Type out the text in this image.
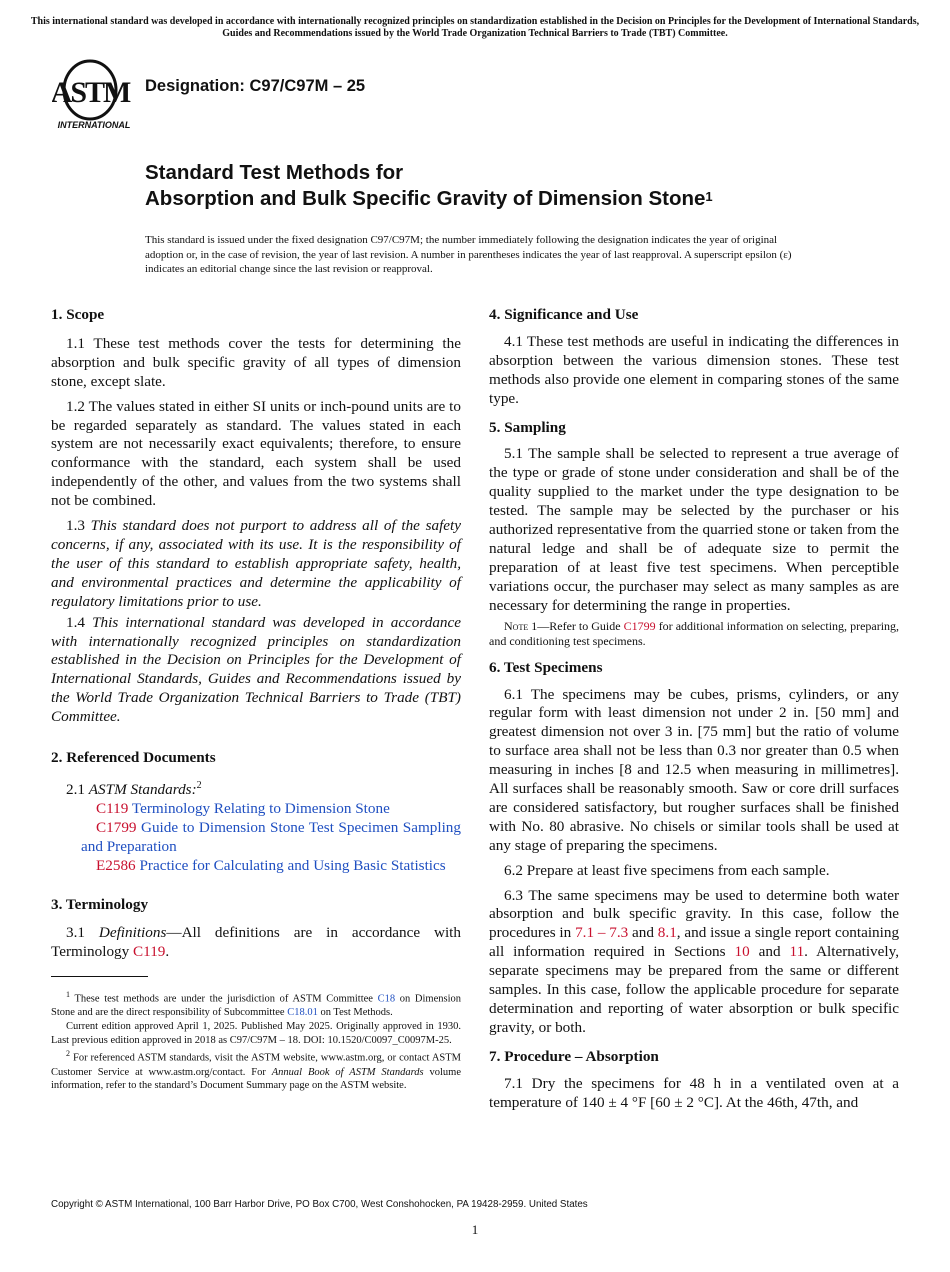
This international standard was developed in accordance with internationally recognized principles on standardization established in the Decision on Principles for the Development of International Standards, Guides and Recommendations issued by the World Trade Organization Technical Barriers to Trade (TBT) Committee.
ASTM
INTERNATIONAL
Designation: C97/C97M – 25
Standard Test Methods for
Absorption and Bulk Specific Gravity of Dimension Stone$^1$
This standard is issued under the fixed designation C97/C97M; the number immediately following the designation indicates the year of original adoption or, in the case of revision, the year of last revision. A number in parentheses indicates the year of last reapproval. A superscript epsilon (ε) indicates an editorial change since the last revision or reapproval.
1. Scope

1.1 These test methods cover the tests for determining the absorption and bulk specific gravity of all types of dimension stone, except slate.

1.2 The values stated in either SI units or inch-pound units are to be regarded separately as standard. The values stated in each system are not necessarily exact equivalents; therefore, to ensure conformance with the standard, each system shall be used independently of the other, and values from the two systems shall not be combined.

1.3 This standard does not purport to address all of the safety concerns, if any, associated with its use. It is the responsibility of the user of this standard to establish appropriate safety, health, and environmental practices and determine the applicability of regulatory limitations prior to use.

1.4 This international standard was developed in accordance with internationally recognized principles on standardization established in the Decision on Principles for the Development of International Standards, Guides and Recommendations issued by the World Trade Organization Technical Barriers to Trade (TBT) Committee.

2. Referenced Documents

2.1 ASTM Standards:$^2$

C119 Terminology Relating to Dimension Stone

C1799 Guide to Dimension Stone Test Specimen Sampling and Preparation

E2586 Practice for Calculating and Using Basic Statistics

3. Terminology

3.1 Definitions—All definitions are in accordance with Terminology C119.

$^1$ These test methods are under the jurisdiction of ASTM Committee C18 on Dimension Stone and are the direct responsibility of Subcommittee C18.01 on Test Methods.

Current edition approved April 1, 2025. Published May 2025. Originally approved in 1930. Last previous edition approved in 2018 as C97/C97M – 18. DOI: 10.1520/C0097_C0097M-25.

$^2$ For referenced ASTM standards, visit the ASTM website, www.astm.org, or contact ASTM Customer Service at www.astm.org/contact. For Annual Book of ASTM Standards volume information, refer to the standard’s Document Summary page on the ASTM website.

4. Significance and Use

4.1 These test methods are useful in indicating the differences in absorption between the various dimension stones. These test methods also provide one element in comparing stones of the same type.

5. Sampling

5.1 The sample shall be selected to represent a true average of the type or grade of stone under consideration and shall be of the quality supplied to the market under the type designation to be tested. The sample may be selected by the purchaser or his authorized representative from the quarried stone or taken from the natural ledge and shall be of adequate size to permit the preparation of at least five test specimens. When perceptible variations occur, the purchaser may select as many samples as are necessary for determining the range in properties.

Note 1—Refer to Guide C1799 for additional information on selecting, preparing, and conditioning test specimens.

6. Test Specimens

6.1 The specimens may be cubes, prisms, cylinders, or any regular form with least dimension not under 2 in. [50 mm] and greatest dimension not over 3 in. [75 mm] but the ratio of volume to surface area shall not be less than 0.3 nor greater than 0.5 when measuring in inches [8 and 12.5 when measuring in millimetres]. All surfaces shall be reasonably smooth. Saw or core drill surfaces are considered satisfactory, but rougher surfaces shall be finished with No. 80 abrasive. No chisels or similar tools shall be used at any stage of preparing the specimens.

6.2 Prepare at least five specimens from each sample.

6.3 The same specimens may be used to determine both water absorption and bulk specific gravity. In this case, follow the procedures in 7.1 – 7.3 and 8.1, and issue a single report containing all information required in Sections 10 and 11. Alternatively, separate specimens may be prepared from the same or different samples. In this case, follow the applicable procedure for separate determination and reporting of water absorption or bulk specific gravity, or both.

7. Procedure – Absorption

7.1 Dry the specimens for 48 h in a ventilated oven at a temperature of 140 ± 4 °F [60 ± 2 °C]. At the 46th, 47th, and

Copyright © ASTM International, 100 Barr Harbor Drive, PO Box C700, West Conshohocken, PA 19428-2959. United States
1
